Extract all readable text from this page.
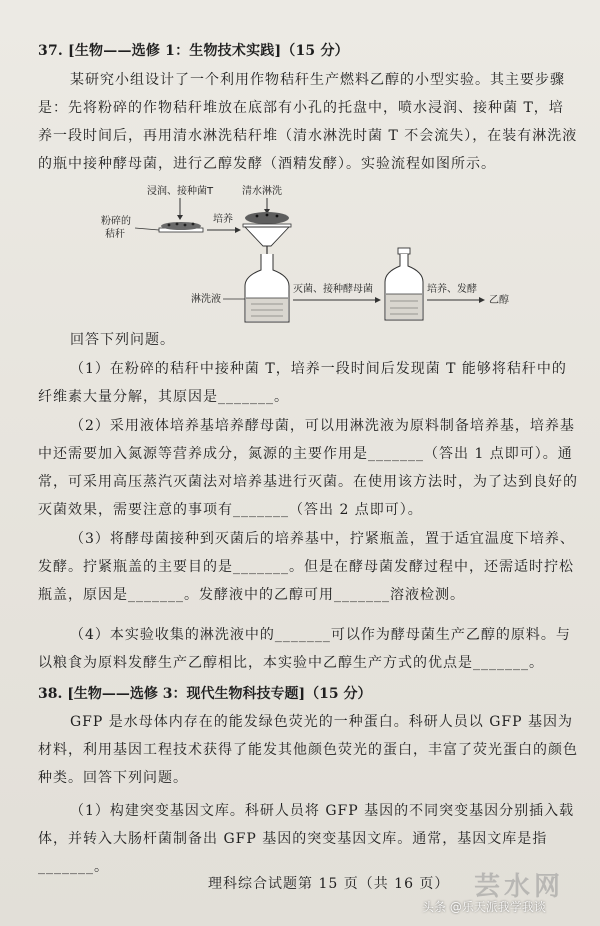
37. [生物——选修 1：生物技术实践]（15 分）
某研究小组设计了一个利用作物秸秆生产燃料乙醇的小型实验。其主要步骤是：先将粉碎的作物秸秆堆放在底部有小孔的托盘中，喷水浸润、接种菌 T，培养一段时间后，再用清水淋洗秸秆堆（清水淋洗时菌 T 不会流失），在装有淋洗液的瓶中接种酵母菌，进行乙醇发酵（酒精发酵）。实验流程如图所示。
浸润、接种菌T	清水淋洗
粉碎的
秸秆
培养
淋洗液
灭菌、接种酵母菌	培养、发酵
乙醇
回答下列问题。
（1）在粉碎的秸秆中接种菌 T，培养一段时间后发现菌 T 能够将秸秆中的纤维素大量分解，其原因是_______。
（2）采用液体培养基培养酵母菌，可以用淋洗液为原料制备培养基，培养基中还需要加入氮源等营养成分，氮源的主要作用是_______（答出 1 点即可）。通常，可采用高压蒸汽灭菌法对培养基进行灭菌。在使用该方法时，为了达到良好的灭菌效果，需要注意的事项有_______（答出 2 点即可）。
（3）将酵母菌接种到灭菌后的培养基中，拧紧瓶盖，置于适宜温度下培养、发酵。拧紧瓶盖的主要目的是_______。但是在酵母菌发酵过程中，还需适时拧松瓶盖，原因是_______。发酵液中的乙醇可用_______溶液检测。
（4）本实验收集的淋洗液中的_______可以作为酵母菌生产乙醇的原料。与以粮食为原料发酵生产乙醇相比，本实验中乙醇生产方式的优点是_______。
38. [生物——选修 3：现代生物科技专题]（15 分）
GFP 是水母体内存在的能发绿色荧光的一种蛋白。科研人员以 GFP 基因为材料，利用基因工程技术获得了能发其他颜色荧光的蛋白，丰富了荧光蛋白的颜色种类。回答下列问题。
（1）构建突变基因文库。科研人员将 GFP 基因的不同突变基因分别插入载体，并转入大肠杆菌制备出 GFP 基因的突变基因文库。通常，基因文库是指_______。
理科综合试题第 15 页（共 16 页） 芸水网
头条 @乐天派我学我谈
